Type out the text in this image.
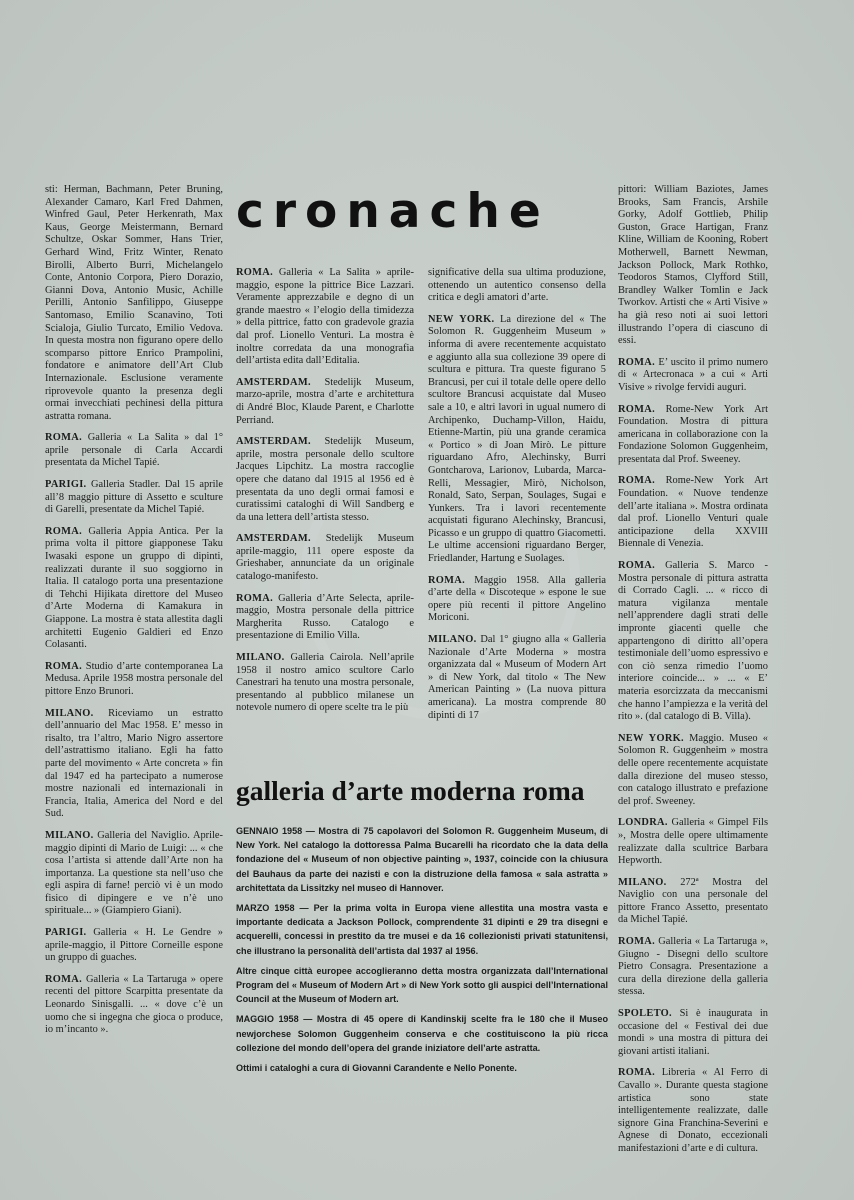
sti: Herman, Bachmann, Peter Bruning, Alexander Camaro, Karl Fred Dahmen, Winfred Gaul, Peter Herkenrath, Max Kaus, George Meistermann, Bernard Schultze, Oskar Sommer, Hans Trier, Gerhard Wind, Fritz Winter, Renato Birolli, Alberto Burri, Michelangelo Conte, Antonio Corpora, Piero Dorazio, Gianni Dova, Antonio Music, Achille Perilli, Antonio Sanfilippo, Giuseppe Santomaso, Emilio Scanavino, Toti Scialoja, Giulio Turcato, Emilio Vedova. In questa mostra non figurano opere dello scomparso pittore Enrico Prampolini, fondatore e animatore dell’Art Club Internazionale. Esclusione veramente riprovevole quanto la presenza degli ormai invecchiati pechinesi della pittura astratta romana.

ROMA. Galleria « La Salita » dal 1° aprile personale di Carla Accardi presentata da Michel Tapié.

PARIGI. Galleria Stadler. Dal 15 aprile all’8 maggio pitture di Assetto e sculture di Garelli, presentate da Michel Tapié.

ROMA. Galleria Appia Antica. Per la prima volta il pittore giapponese Taku Iwasaki espone un gruppo di dipinti, realizzati durante il suo soggiorno in Italia. Il catalogo porta una presentazione di Tehchi Hijikata direttore del Museo d’Arte Moderna di Kamakura in Giappone. La mostra è stata allestita dagli architetti Eugenio Galdieri ed Enzo Colasanti.

ROMA. Studio d’arte contemporanea La Medusa. Aprile 1958 mostra personale del pittore Enzo Brunori.

MILANO. Riceviamo un estratto dell’annuario del Mac 1958. E’ messo in risalto, tra l’altro, Mario Nigro assertore dell’astrattismo italiano. Egli ha fatto parte del movimento « Arte concreta » fin dal 1947 ed ha partecipato a numerose mostre nazionali ed internazionali in Francia, Italia, America del Nord e del Sud.

MILANO. Galleria del Naviglio. Aprile-maggio dipinti di Mario de Luigi: ... « che cosa l’artista si attende dall’Arte non ha importanza. La questione sta nell’uso che egli aspira di farne! perciò vi è un modo fisico di dipingere e ve n’è uno spirituale... » (Giampiero Giani).

PARIGI. Galleria « H. Le Gendre » aprile-maggio, il Pittore Corneille espone un gruppo di guaches.

ROMA. Galleria « La Tartaruga » opere recenti del pittore Scarpitta presentate da Leonardo Sinisgalli. ... « dove c’è un uomo che si ingegna che gioca o produce, io m’incanto ».

cronache

ROMA. Galleria « La Salita » aprile-maggio, espone la pittrice Bice Lazzari. Veramente apprezzabile e degno di un grande maestro « l’elogio della timidezza » della pittrice, fatto con gradevole grazia dal prof. Lionello Venturi. La mostra è inoltre corredata da una monografia dell’artista edita dall’Editalia.

AMSTERDAM. Stedelijk Museum, marzo-aprile, mostra d’arte e architettura di André Bloc, Klaude Parent, e Charlotte Perriand.

AMSTERDAM. Stedelijk Museum, aprile, mostra personale dello scultore Jacques Lipchitz. La mostra raccoglie opere che datano dal 1915 al 1956 ed è presentata da uno degli ormai famosi e curatissimi cataloghi di Will Sandberg e da una lettera dell’artista stesso.

AMSTERDAM. Stedelijk Museum aprile-maggio, 111 opere esposte da Grieshaber, annunciate da un originale catalogo-manifesto.

ROMA. Galleria d’Arte Selecta, aprile-maggio, Mostra personale della pittrice Margherita Russo. Catalogo e presentazione di Emilio Villa.

MILANO. Galleria Cairola. Nell’aprile 1958 il nostro amico scultore Carlo Canestrari ha tenuto una mostra personale, presentando al pubblico milanese un notevole numero di opere scelte tra le più

significative della sua ultima produzione, ottenendo un autentico consenso della critica e degli amatori d’arte.

NEW YORK. La direzione del « The Solomon R. Guggenheim Museum » informa di avere recentemente acquistato e aggiunto alla sua collezione 39 opere di scultura e pittura. Tra queste figurano 5 Brancusi, per cui il totale delle opere dello scultore Brancusi acquistate dal Museo sale a 10, e altri lavori in ugual numero di Archipenko, Duchamp-Villon, Haidu, Etienne-Martin, più una grande ceramica « Portico » di Joan Mirò. Le pitture riguardano Afro, Alechinsky, Burri Gontcharova, Larionov, Lubarda, Marca-Relli, Messagier, Mirò, Nicholson, Ronald, Sato, Serpan, Soulages, Sugai e Yunkers. Tra i lavori recentemente acquistati figurano Alechinsky, Brancusi, Picasso e un gruppo di quattro Giacometti. Le ultime accensioni riguardano Berger, Friedlander, Hartung e Suolages.

ROMA. Maggio 1958. Alla galleria d’arte della « Discoteque » espone le sue opere più recenti il pittore Angelino Moriconi.

MILANO. Dal 1° giugno alla « Galleria Nazionale d’Arte Moderna » mostra organizzata dal « Museum of Modern Art » di New York, dal titolo « The New American Painting » (La nuova pittura americana). La mostra comprende 80 dipinti di 17

pittori: William Baziotes, James Brooks, Sam Francis, Arshile Gorky, Adolf Gottlieb, Philip Guston, Grace Hartigan, Franz Kline, William de Kooning, Robert Motherwell, Barnett Newman, Jackson Pollock, Mark Rothko, Teodoros Stamos, Clyfford Still, Brandley Walker Tomlin e Jack Tworkov. Artisti che « Arti Visive » ha già reso noti ai suoi lettori illustrando l’opera di ciascuno di essi.

ROMA. E’ uscito il primo numero di « Artecronaca » a cui « Arti Visive » rivolge fervidi auguri.

ROMA. Rome-New York Art Foundation. Mostra di pittura americana in collaborazione con la Fondazione Solomon Guggenheim, presentata dal Prof. Sweeney.

ROMA. Rome-New York Art Foundation. « Nuove tendenze dell’arte italiana ». Mostra ordinata dal prof. Lionello Venturi quale anticipazione della XXVIII Biennale di Venezia.

ROMA. Galleria S. Marco - Mostra personale di pittura astratta di Corrado Cagli. ... « ricco di matura vigilanza mentale nell’apprendere dagli strati delle impronte giacenti quelle che appartengono di diritto all’opera testimoniale dell’uomo espressivo e con ciò senza rimedio l’uomo interiore coincide... » ... « E’ materia esorcizzata da meccanismi che hanno l’ampiezza e la verità del rito ». (dal catalogo di B. Villa).

NEW YORK. Maggio. Museo « Solomon R. Guggenheim » mostra delle opere recentemente acquistate dalla direzione del museo stesso, con catalogo illustrato e prefazione del prof. Sweeney.

LONDRA. Galleria « Gimpel Fils », Mostra delle opere ultimamente realizzate dalla scultrice Barbara Hepworth.

MILANO. 272ª Mostra del Naviglio con una personale del pittore Franco Assetto, presentato da Michel Tapié.

ROMA. Galleria « La Tartaruga », Giugno - Disegni dello scultore Pietro Consagra. Presentazione a cura della direzione della galleria stessa.

SPOLETO. Si è inaugurata in occasione del « Festival dei due mondi » una mostra di pittura dei giovani artisti italiani.

ROMA. Libreria « Al Ferro di Cavallo ». Durante questa stagione artistica sono state intelligentemente realizzate, dalle signore Gina Franchina-Severini e Agnese di Donato, eccezionali manifestazioni d’arte e di cultura.

galleria d’arte moderna roma

GENNAIO 1958 — Mostra di 75 capolavori del Solomon R. Guggenheim Museum, di New York. Nel catalogo la dottoressa Palma Bucarelli ha ricordato che la data della fondazione del « Museum of non objective painting », 1937, coincide con la chiusura del Bauhaus da parte dei nazisti e con la distruzione della famosa « sala astratta » architettata da Lissitzky nel museo di Hannover.

MARZO 1958 — Per la prima volta in Europa viene allestita una mostra vasta e importante dedicata a Jackson Pollock, comprendente 31 dipinti e 29 tra disegni e acquerelli, concessi in prestito da tre musei e da 16 collezionisti privati statunitensi, che illustrano la personalità dell’artista dal 1937 al 1956.

Altre cinque città europee accoglieranno detta mostra organizzata dall’International Program del « Museum of Modern Art » di New York sotto gli auspici dell’International Council at the Museum of Modern art.

MAGGIO 1958 — Mostra di 45 opere di Kandinskij scelte fra le 180 che il Museo newjorchese Solomon Guggenheim conserva e che costituiscono la più ricca collezione del mondo dell’opera del grande iniziatore dell’arte astratta.

Ottimi i cataloghi a cura di Giovanni Carandente e Nello Ponente.
